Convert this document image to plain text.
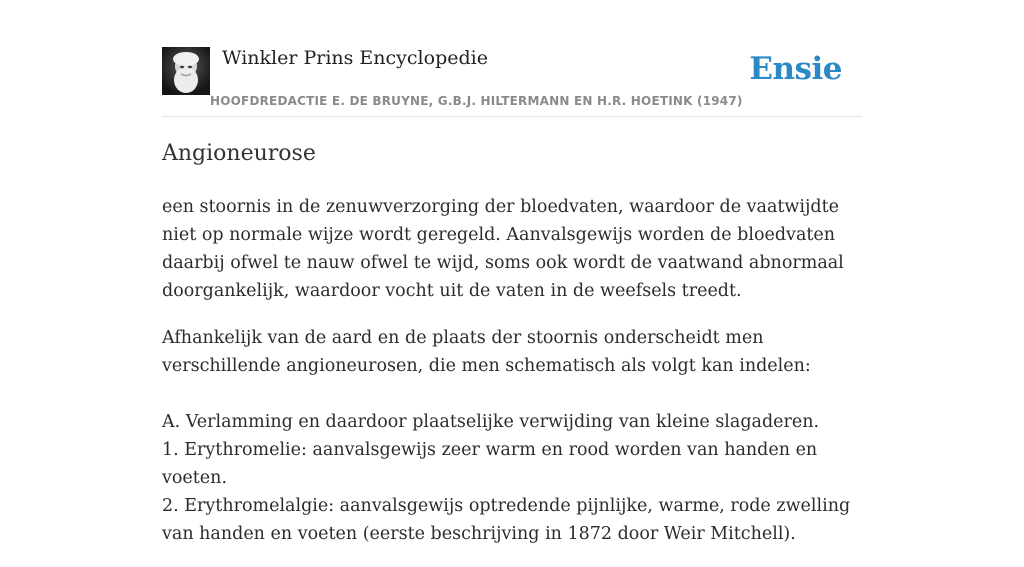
Winkler Prins Encyclopedie
HOOFDREDACTIE E. DE BRUYNE, G.B.J. HILTERMANN EN H.R. HOETINK (1947)
Ensie
Angioneurose

een stoornis in de zenuwverzorging der bloedvaten, waardoor de vaatwijdte niet op normale wijze wordt geregeld. Aanvalsgewijs worden de bloedvaten daarbij ofwel te nauw ofwel te wijd, soms ook wordt de vaatwand abnormaal doorgankelijk, waardoor vocht uit de vaten in de weefsels treedt.

Afhankelijk van de aard en de plaats der stoornis onderscheidt men verschillende angioneurosen, die men schematisch als volgt kan indelen:

A. Verlamming en daardoor plaatselijke verwijding van kleine slagaderen.
1. Erythromelie: aanvalsgewijs zeer warm en rood worden van handen en voeten.
2. Erythromelalgie: aanvalsgewijs optredende pijnlijke, warme, rode zwelling van handen en voeten (eerste beschrijving in 1872 door Weir Mitchell).
